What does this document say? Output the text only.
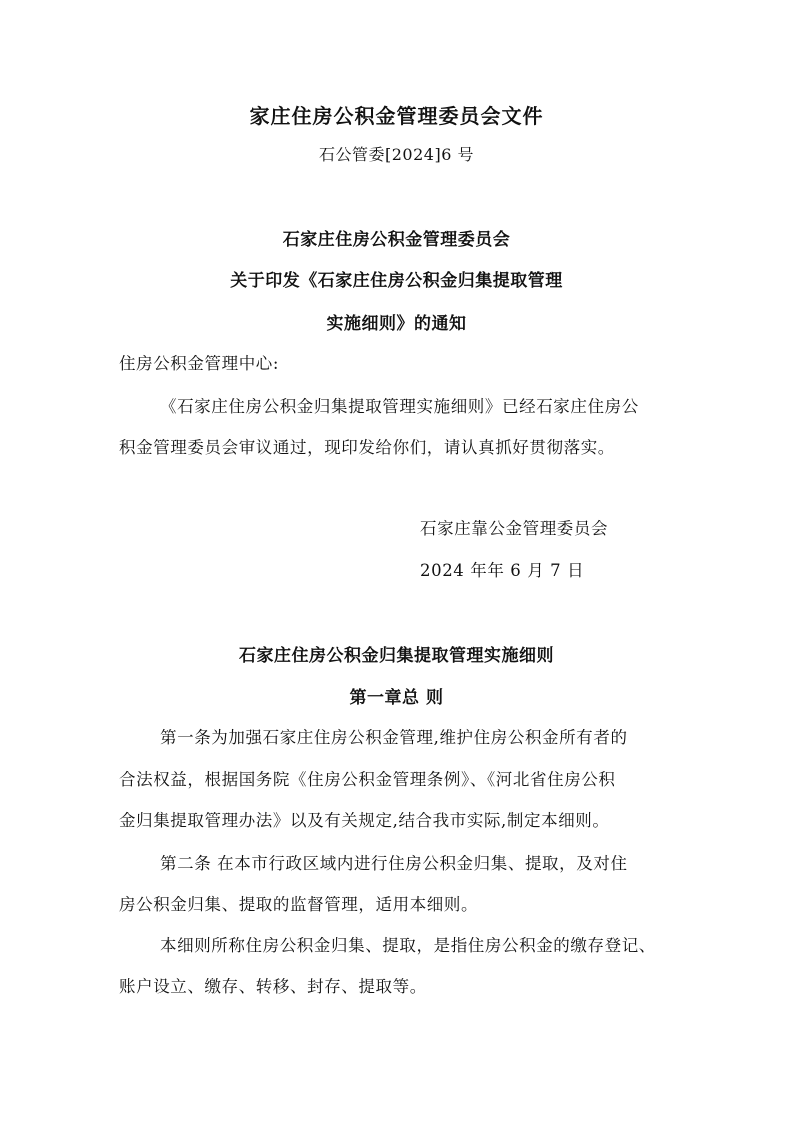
家庄住房公积金管理委员会文件
石公管委[2024]6 号
石家庄住房公积金管理委员会
关于印发《石家庄住房公积金归集提取管理
实施细则》的通知
住房公积金管理中心:
《石家庄住房公积金归集提取管理实施细则》已经石家庄住房公
积金管理委员会审议通过，现印发给你们，请认真抓好贯彻落实。
石家庄靠公金管理委员会
2024 年年 6 月 7 日
石家庄住房公积金归集提取管理实施细则
第一章总 则
第一条为加强石家庄住房公积金管理,维护住房公积金所有者的
合法权益，根据国务院《住房公积金管理条例》、《河北省住房公积
金归集提取管理办法》以及有关规定,结合我市实际,制定本细则。
第二条 在本市行政区域内进行住房公积金归集、提取，及对住
房公积金归集、提取的监督管理，适用本细则。
本细则所称住房公积金归集、提取，是指住房公积金的缴存登记、
账户设立、缴存、转移、封存、提取等。
